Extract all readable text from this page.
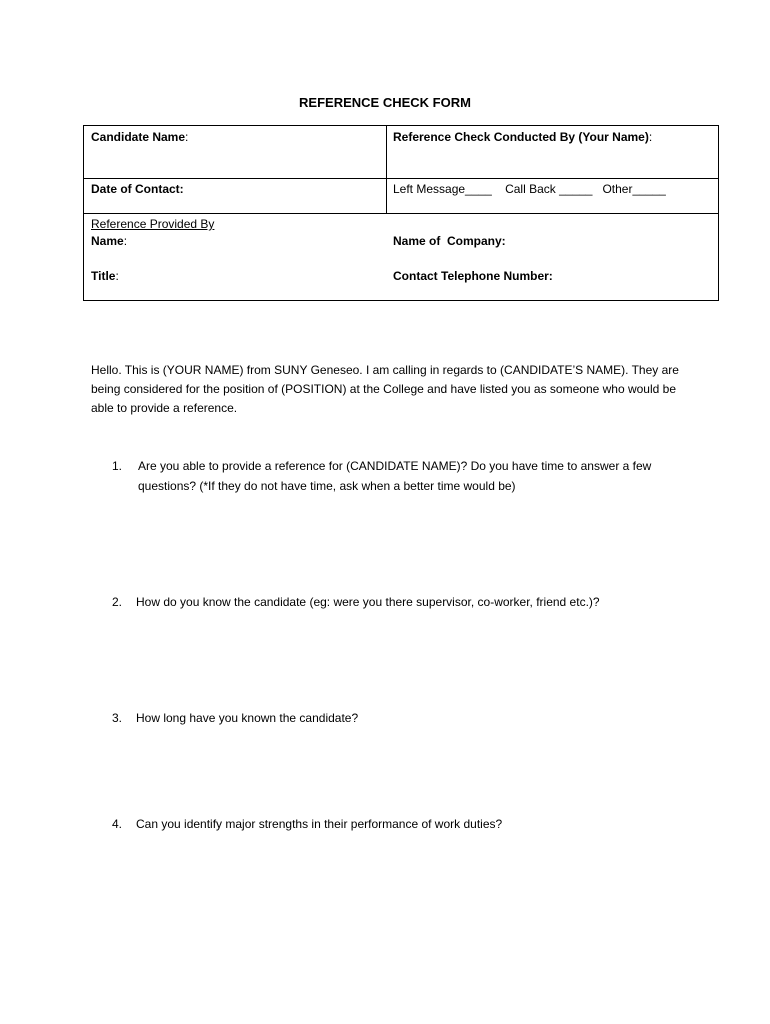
REFERENCE CHECK FORM
Candidate Name:	Reference Check Conducted By (Your Name):
Date of Contact:	Left Message____    Call Back _____   Other_____
Reference Provided By
Name:	Name of  Company:
Title:	Contact Telephone Number:
Hello. This is (YOUR NAME) from SUNY Geneseo. I am calling in regards to (CANDIDATE’S NAME). They are being considered for the position of (POSITION) at the College and have listed you as someone who would be able to provide a reference.
1. Are you able to provide a reference for (CANDIDATE NAME)? Do you have time to answer a few questions? (*If they do not have time, ask when a better time would be)
2. How do you know the candidate (eg: were you there supervisor, co-worker, friend etc.)?
3. How long have you known the candidate?
4. Can you identify major strengths in their performance of work duties?
